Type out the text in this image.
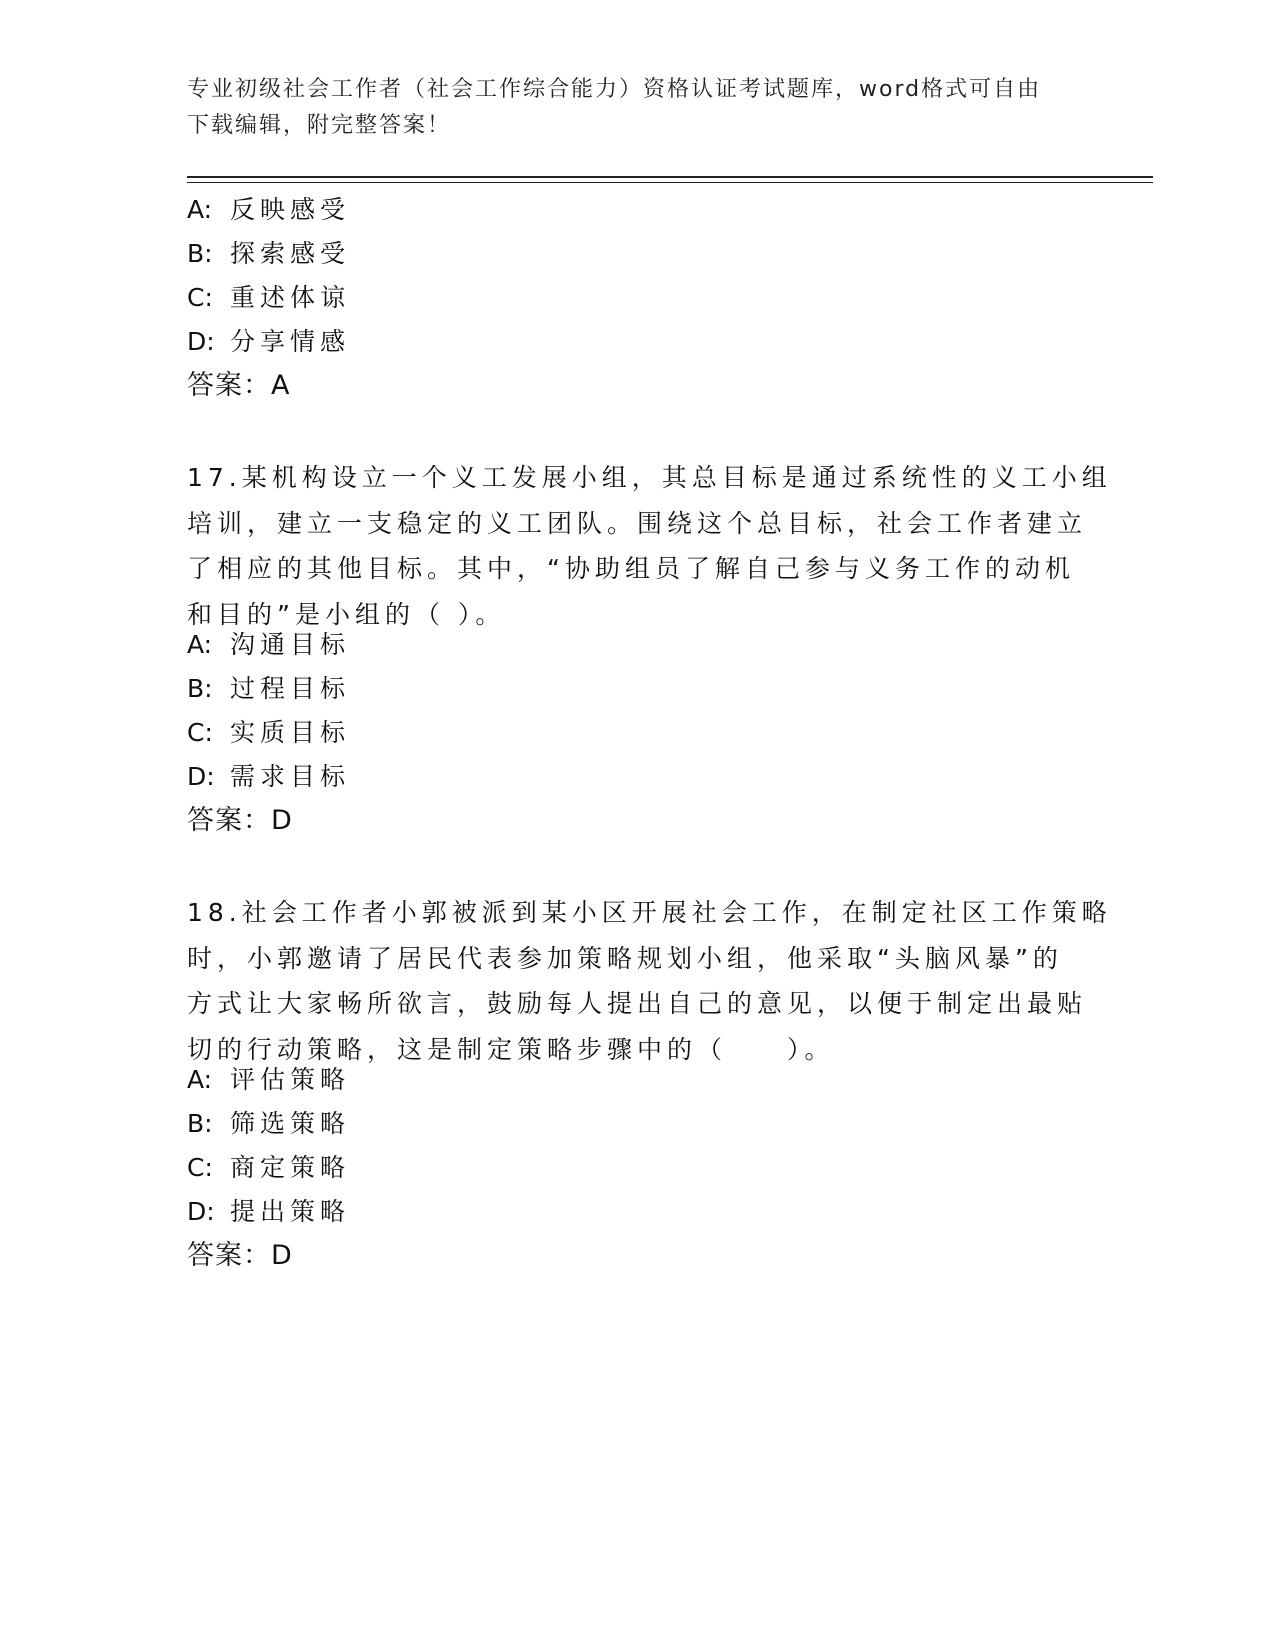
专业初级社会工作者（社会工作综合能力）资格认证考试题库，word格式可自由
下载编辑，附完整答案！
A: 反映感受
B: 探索感受
C: 重述体谅
D: 分享情感
答案：A
17.某机构设立一个义工发展小组，其总目标是通过系统性的义工小组
培训，建立一支稳定的义工团队。围绕这个总目标，社会工作者建立
了相应的其他目标。其中，“协助组员了解自己参与义务工作的动机
和目的”是小组的（ ）。
A: 沟通目标
B: 过程目标
C: 实质目标
D: 需求目标
答案：D
18.社会工作者小郭被派到某小区开展社会工作，在制定社区工作策略
时，小郭邀请了居民代表参加策略规划小组，他采取“头脑风暴”的
方式让大家畅所欲言，鼓励每人提出自己的意见，以便于制定出最贴
切的行动策略，这是制定策略步骤中的（　　）。
A: 评估策略
B: 筛选策略
C: 商定策略
D: 提出策略
答案：D
